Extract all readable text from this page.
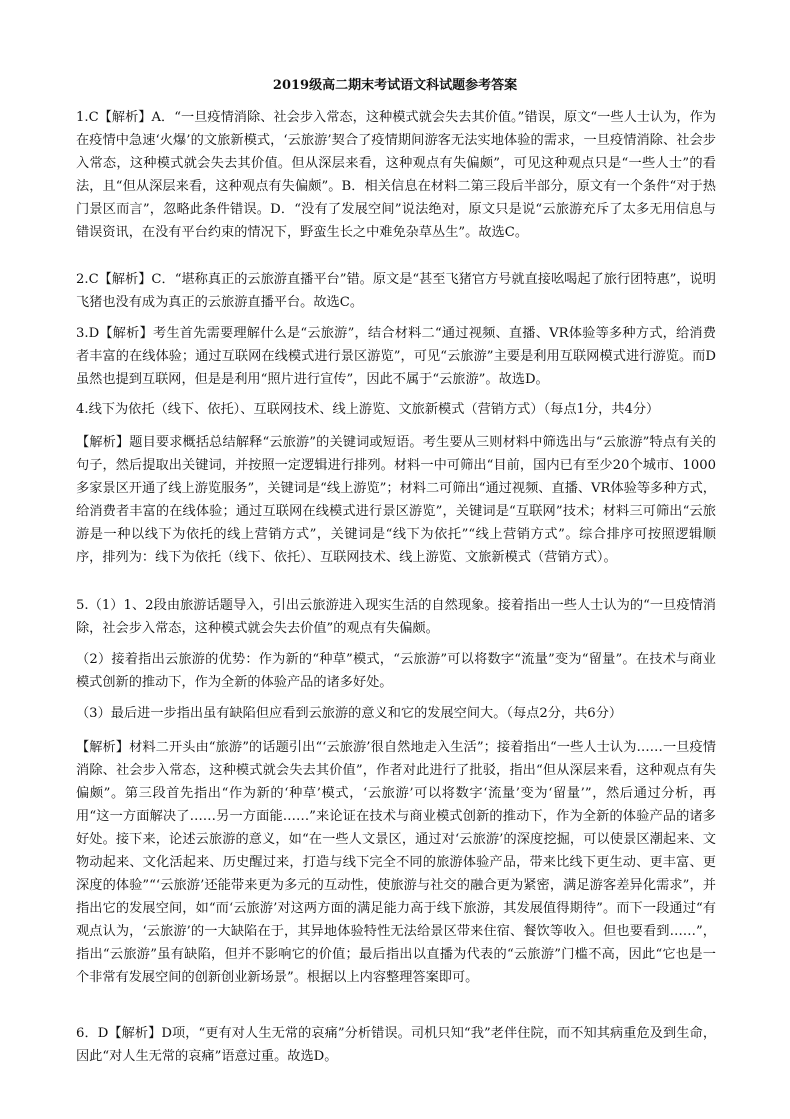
2019级高二期末考试语文科试题参考答案

1.C【解析】A．“一旦疫情消除、社会步入常态，这种模式就会失去其价值。”错误，原文“一些人士认为，作为在疫情中急速‘火爆’的文旅新模式，‘云旅游’契合了疫情期间游客无法实地体验的需求，一旦疫情消除、社会步入常态，这种模式就会失去其价值。但从深层来看，这种观点有失偏颇”，可见这种观点只是“一些人士”的看法，且“但从深层来看，这种观点有失偏颇”。B．相关信息在材料二第三段后半部分，原文有一个条件“对于热门景区而言”，忽略此条件错误。D．“没有了发展空间”说法绝对，原文只是说“云旅游充斥了太多无用信息与错误资讯，在没有平台约束的情况下，野蛮生长之中难免杂草丛生”。故选C。

2.C【解析】C．“堪称真正的云旅游直播平台”错。原文是“甚至飞猪官方号就直接吆喝起了旅行团特惠”，说明飞猪也没有成为真正的云旅游直播平台。故选C。

3.D【解析】考生首先需要理解什么是“云旅游”，结合材料二“通过视频、直播、VR体验等多种方式，给消费者丰富的在线体验；通过互联网在线模式进行景区游览”，可见“云旅游”主要是利用互联网模式进行游览。而D虽然也提到互联网，但是是利用“照片进行宣传”，因此不属于“云旅游”。故选D。

4.线下为依托（线下、依托）、互联网技术、线上游览、文旅新模式（营销方式）（每点1分，共4分）

【解析】题目要求概括总结解释“云旅游”的关键词或短语。考生要从三则材料中筛选出与“云旅游”特点有关的句子，然后提取出关键词，并按照一定逻辑进行排列。材料一中可筛出“目前，国内已有至少20个城市、1000多家景区开通了线上游览服务”，关键词是“线上游览”；材料二可筛出“通过视频、直播、VR体验等多种方式，给消费者丰富的在线体验；通过互联网在线模式进行景区游览”，关键词是“互联网”技术；材料三可筛出“云旅游是一种以线下为依托的线上营销方式”，关键词是“线下为依托”“线上营销方式”。综合排序可按照逻辑顺序，排列为：线下为依托（线下、依托）、互联网技术、线上游览、文旅新模式（营销方式）。

5.（1）1、2段由旅游话题导入，引出云旅游进入现实生活的自然现象。接着指出一些人士认为的“一旦疫情消除，社会步入常态，这种模式就会失去价值”的观点有失偏颇。

（2）接着指出云旅游的优势：作为新的“种草”模式，“云旅游”可以将数字“流量”变为“留量”。在技术与商业模式创新的推动下，作为全新的体验产品的诸多好处。

（3）最后进一步指出虽有缺陷但应看到云旅游的意义和它的发展空间大。（每点2分，共6分）

【解析】材料二开头由“旅游”的话题引出“‘云旅游’很自然地走入生活”；接着指出“一些人士认为……一旦疫情消除、社会步入常态，这种模式就会失去其价值”，作者对此进行了批驳，指出“但从深层来看，这种观点有失偏颇”。第三段首先指出“作为新的‘种草’模式，‘云旅游’可以将数字‘流量’变为‘留量’”，然后通过分析，再用“这一方面解决了……另一方面能……”来论证在技术与商业模式创新的推动下，作为全新的体验产品的诸多好处。接下来，论述云旅游的意义，如“在一些人文景区，通过对‘云旅游’的深度挖掘，可以使景区潮起来、文物动起来、文化活起来、历史醒过来，打造与线下完全不同的旅游体验产品，带来比线下更生动、更丰富、更深度的体验”“‘云旅游’还能带来更为多元的互动性，使旅游与社交的融合更为紧密，满足游客差异化需求”，并指出它的发展空间，如“而‘云旅游’对这两方面的满足能力高于线下旅游，其发展值得期待”。而下一段通过“有观点认为，‘云旅游’的一大缺陷在于，其异地体验特性无法给景区带来住宿、餐饮等收入。但也要看到……”，指出“云旅游”虽有缺陷，但并不影响它的价值；最后指出以直播为代表的“云旅游”门槛不高，因此“它也是一个非常有发展空间的创新创业新场景”。根据以上内容整理答案即可。

6．D【解析】D项，“更有对人生无常的哀痛”分析错误。司机只知“我”老伴住院，而不知其病重危及到生命，因此“对人生无常的哀痛”语意过重。故选D。
